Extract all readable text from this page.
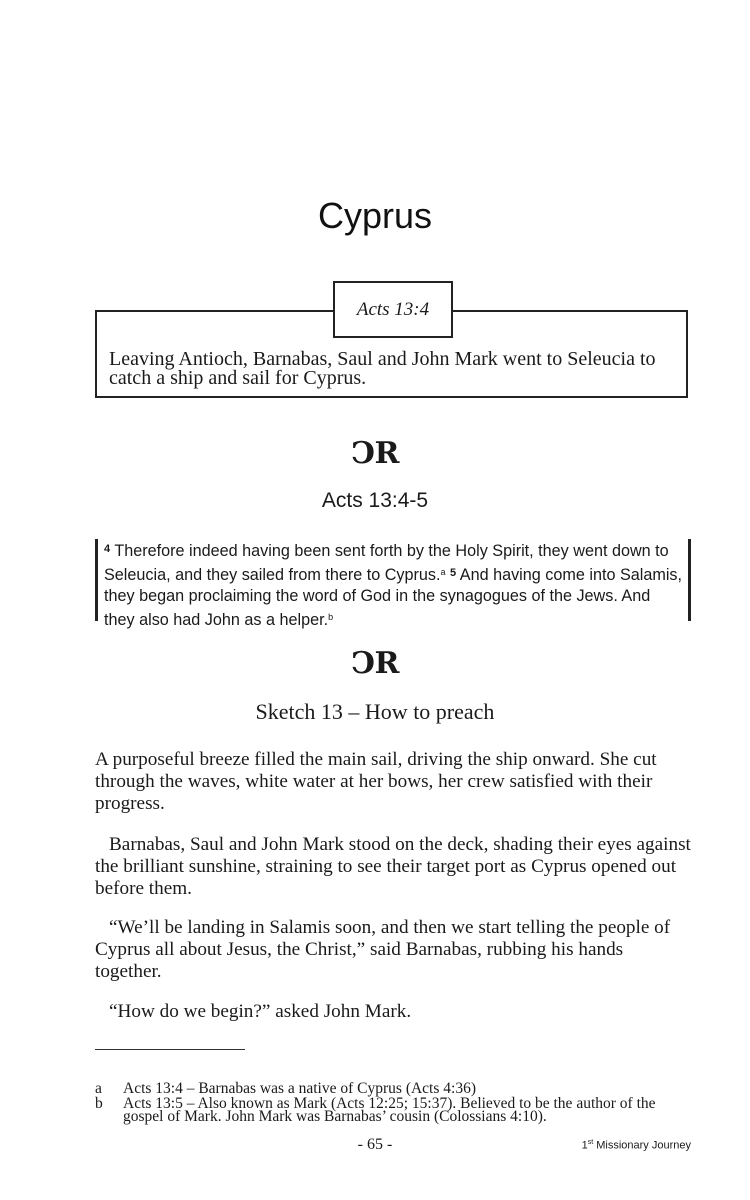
Cyprus
Leaving Antioch, Barnabas, Saul and John Mark went to Seleucia to catch a ship and sail for Cyprus.
Acts 13:4
CR
Acts 13:4-5
$^4$ Therefore indeed having been sent forth by the Holy Spirit, they went down to Seleucia, and they sailed from there to Cyprus.$^a$ $^5$ And having come into Salamis, they began proclaiming the word of God in the synagogues of the Jews. And they also had John as a helper.$^b$
CR
Sketch 13 – How to preach

A purposeful breeze filled the main sail, driving the ship onward. She cut through the waves, white water at her bows, her crew satisfied with their progress.

Barnabas, Saul and John Mark stood on the deck, shading their eyes against the brilliant sunshine, straining to see their target port as Cyprus opened out before them.

“We’ll be landing in Salamis soon, and then we start telling the people of Cyprus all about Jesus, the Christ,” said Barnabas, rubbing his hands together.

“How do we begin?” asked John Mark.

a Acts 13:4 – Barnabas was a native of Cyprus (Acts 4:36)
b Acts 13:5 – Also known as Mark (Acts 12:25; 15:37). Believed to be the author of the gospel of Mark. John Mark was Barnabas’ cousin (Colossians 4:10).
- 65 -	1st Missionary Journey
